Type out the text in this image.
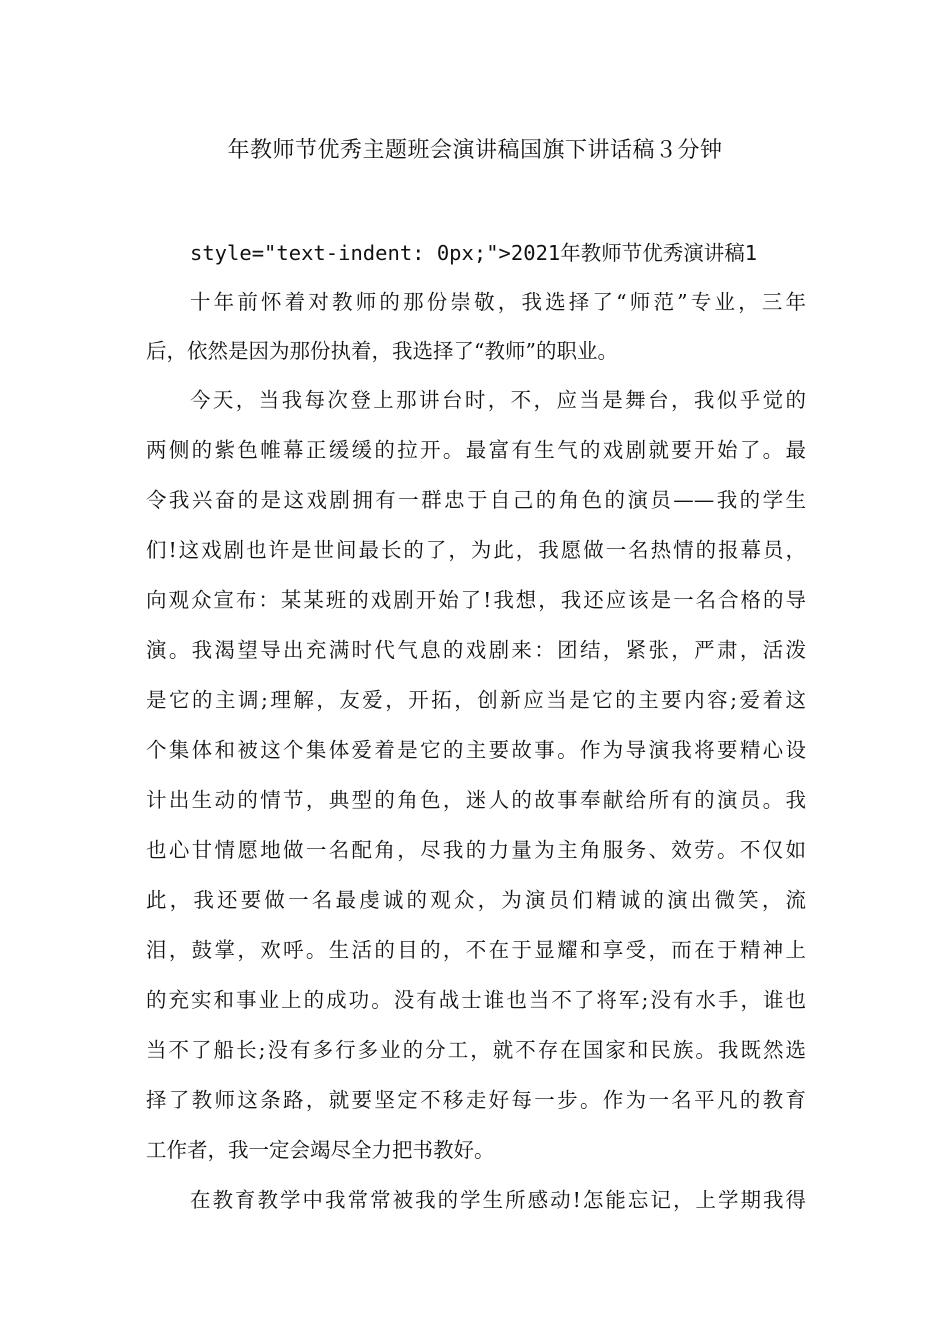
年教师节优秀主题班会演讲稿国旗下讲话稿３分钟
style="text-indent: 0px;">2021年教师节优秀演讲稿1
十年前怀着对教师的那份崇敬，我选择了“师范”专业，三年
后，依然是因为那份执着，我选择了“教师”的职业。
今天，当我每次登上那讲台时，不，应当是舞台，我似乎觉的
两侧的紫色帷幕正缓缓的拉开。最富有生气的戏剧就要开始了。最
令我兴奋的是这戏剧拥有一群忠于自己的角色的演员——我的学生
们!这戏剧也许是世间最长的了，为此，我愿做一名热情的报幕员，
向观众宣布：某某班的戏剧开始了!我想，我还应该是一名合格的导
演。我渴望导出充满时代气息的戏剧来：团结，紧张，严肃，活泼
是它的主调;理解，友爱，开拓，创新应当是它的主要内容;爱着这
个集体和被这个集体爱着是它的主要故事。作为导演我将要精心设
计出生动的情节，典型的角色，迷人的故事奉献给所有的演员。我
也心甘情愿地做一名配角，尽我的力量为主角服务、效劳。不仅如
此，我还要做一名最虔诚的观众，为演员们精诚的演出微笑，流
泪，鼓掌，欢呼。生活的目的，不在于显耀和享受，而在于精神上
的充实和事业上的成功。没有战士谁也当不了将军;没有水手，谁也
当不了船长;没有多行多业的分工，就不存在国家和民族。我既然选
择了教师这条路，就要坚定不移走好每一步。作为一名平凡的教育
工作者，我一定会竭尽全力把书教好。
在教育教学中我常常被我的学生所感动!怎能忘记，上学期我得
